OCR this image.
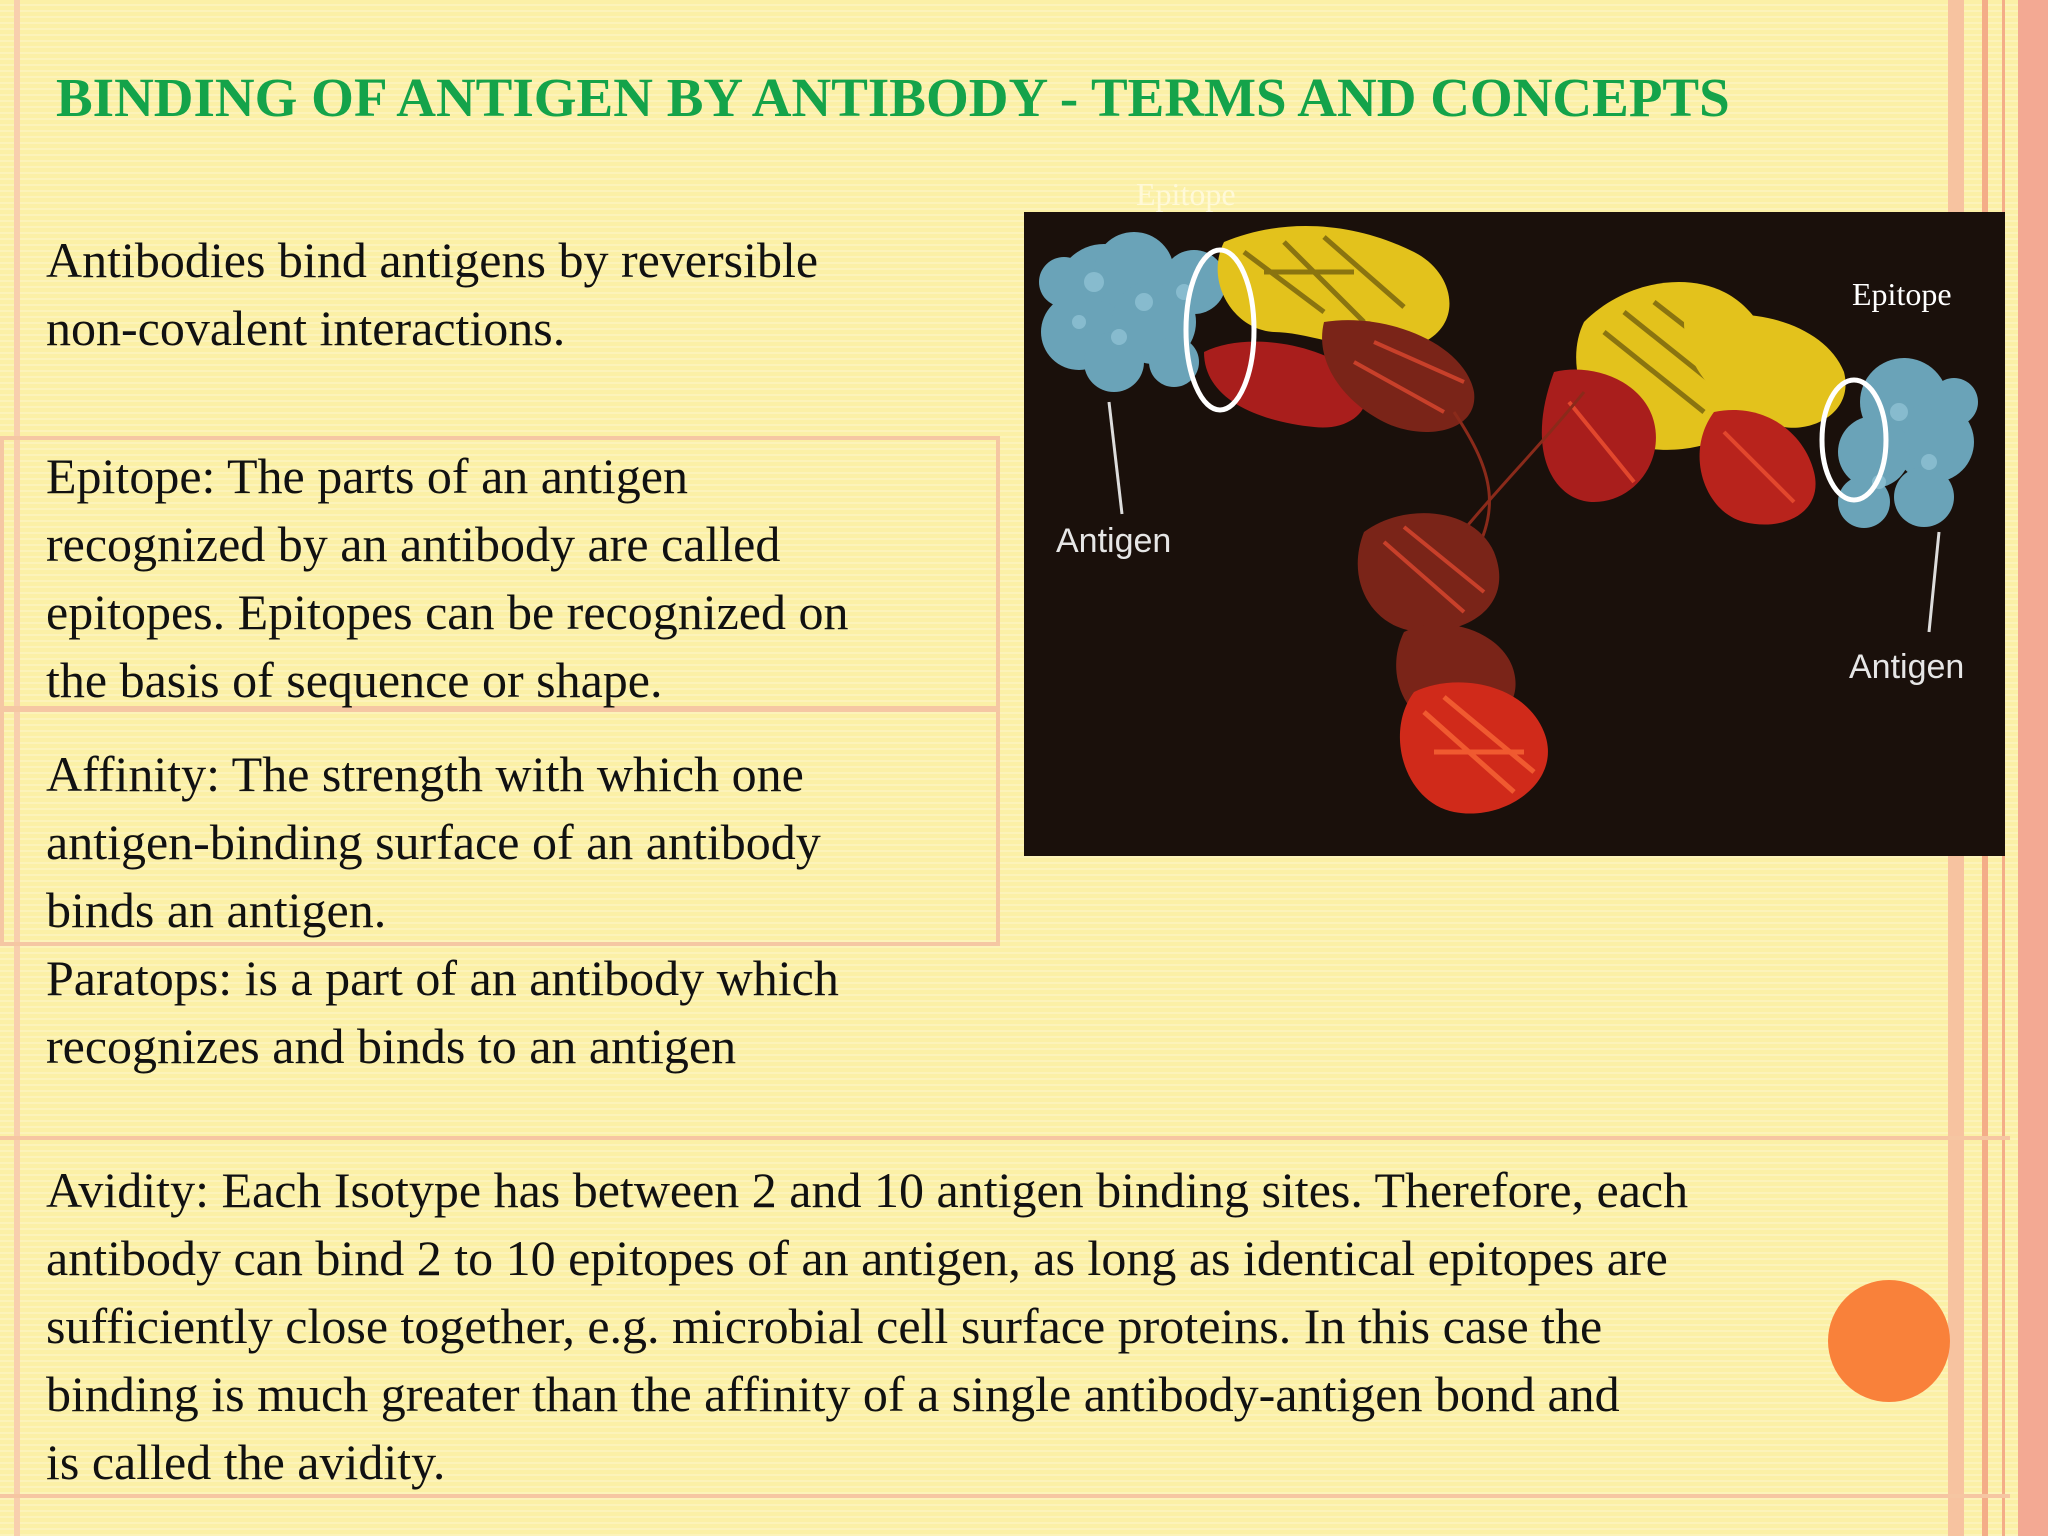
BINDING OF ANTIGEN BY ANTIBODY - TERMS AND CONCEPTS
Antibodies bind antigens by reversible
non-covalent interactions.
Epitope: The parts of an antigen
recognized by an antibody are called
epitopes. Epitopes can be recognized on
the basis of sequence or shape.
Affinity: The strength with which one
antigen-binding surface of an antibody
binds an antigen.
Paratops: is a part of an antibody which
recognizes and binds to an antigen
Avidity: Each Isotype has between 2 and 10 antigen binding sites. Therefore, each
antibody can bind 2 to 10 epitopes of an antigen, as long as identical epitopes are
sufficiently close together, e.g. microbial cell surface proteins. In this case the
binding is much greater than the affinity of a single antibody-antigen bond and
is called the avidity.
Epitope
Antigen
Antigen
Epitope
